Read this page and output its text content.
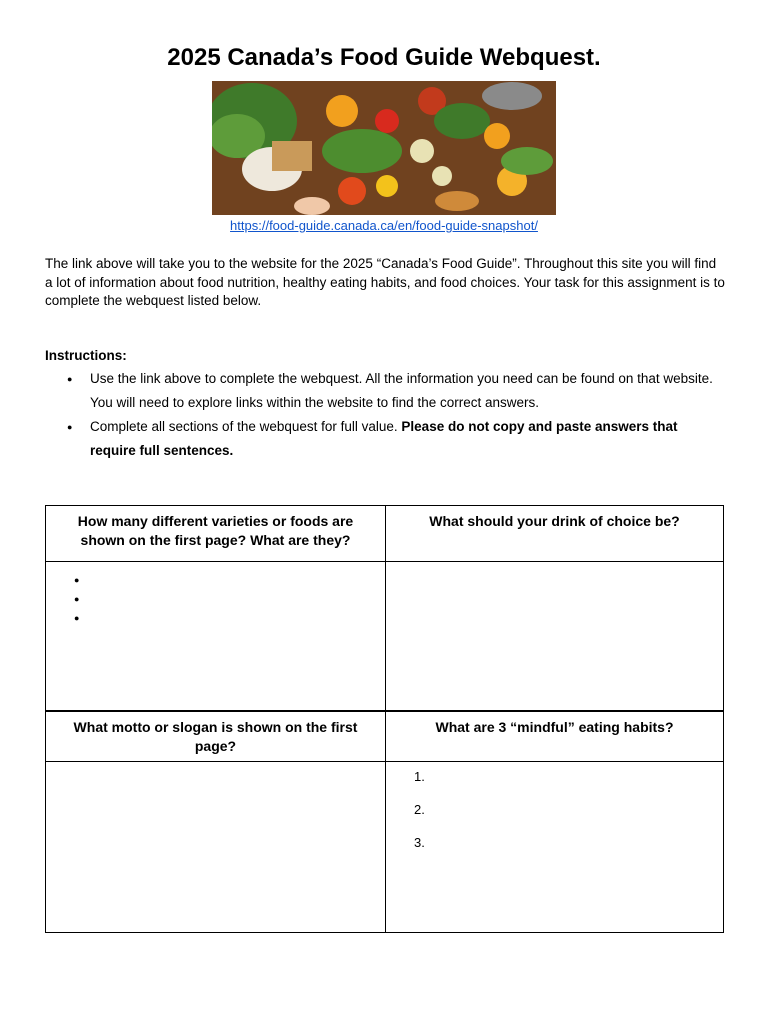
2025 Canada’s Food Guide Webquest.
https://food-guide.canada.ca/en/food-guide-snapshot/

The link above will take you to the website for the 2025 “Canada’s Food Guide”. Throughout this site you will find a lot of information about food nutrition, healthy eating habits, and food choices. Your task for this assignment is to complete the webquest listed below.

Instructions:

● Use the link above to complete the webquest. All the information you need can be found on that website. You will need to explore links within the website to find the correct answers.
● Complete all sections of the webquest for full value. Please do not copy and paste answers that require full sentences.
How many different varieties or foods are shown on the first page? What are they?
What should your drink of choice be?
●
●
●
What motto or slogan is shown on the first page?
What are 3 “mindful” eating habits?
1.
2.
3.
